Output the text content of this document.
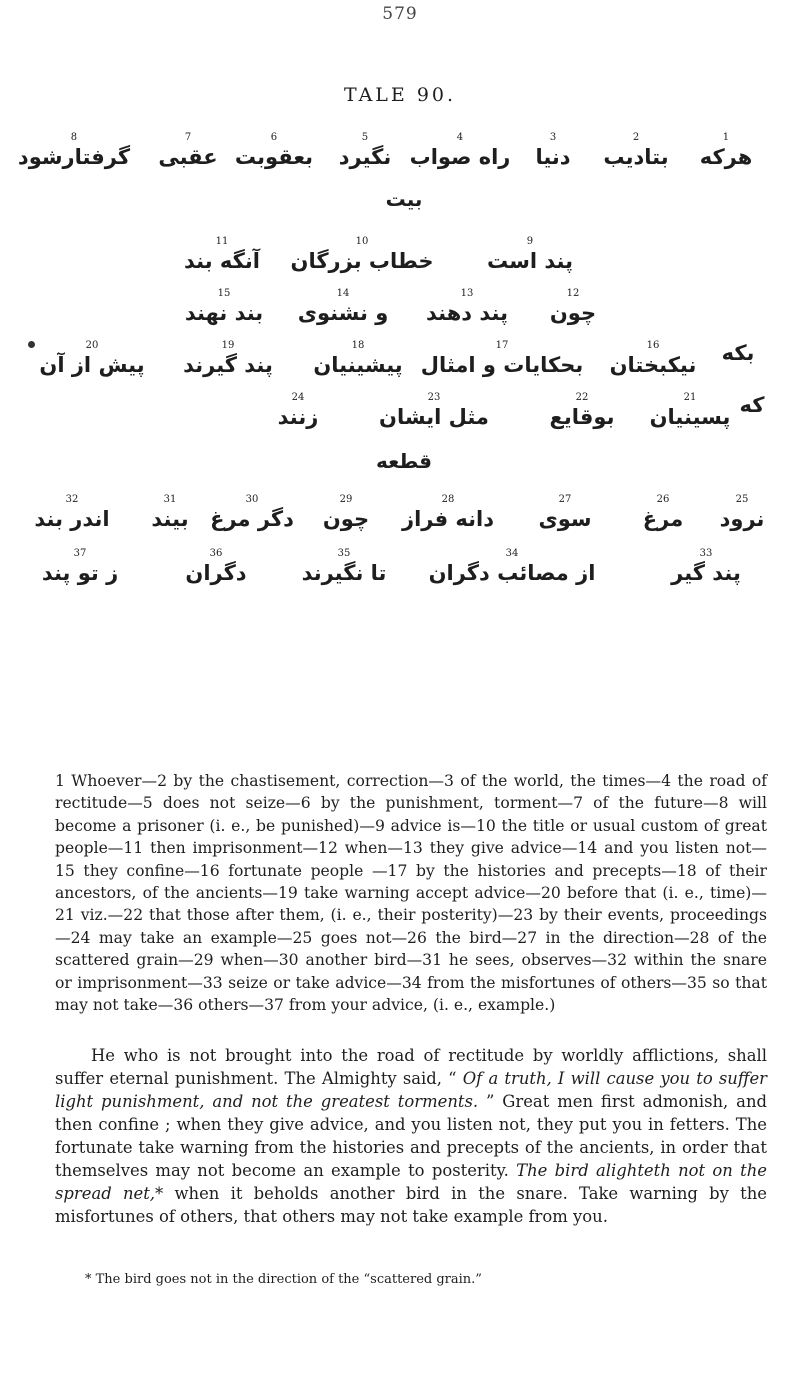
579
TALE 90.
8
گرفتارشود
7
عقبی
6
بعقوبت
5
نگیرد
4
راه صواب
3
دنیا
2
بتادیب
1
هرکه
بیت
11
آنگه بند
10
خطاب بزرگان
9
پند است
15
بند نهند
14
و نشنوی
13
پند دهند
12
چون
20
پیش از آن
19
پند گیرند
18
پیشینیان
17
بحکایات و امثال
16
نیکبختان بکه
24
زنند
23
مثل ایشان
22
بوقایع
21
پسینیان که
قطعه
32
اندر بند
31
بیند
30
دگر مرغ
29
چون
28
دانه فراز
27
سوی
26
مرغ
25
نرود
37
ز تو پند
36
دگران
35
تا نگیرند
34
از مصائب دگران
33
پند گیر

1 Whoever—2 by the chastisement, correction—3 of the world, the times—4 the road of rectitude—5 does not seize—6 by the punishment, torment—7 of the future—8 will become a prisoner (i. e., be punished)—9 advice is—10 the title or usual custom of great people—11 then imprisonment—12 when—13 they give advice—14 and you listen not—15 they confine—16 fortunate people —17 by the histories and precepts—18 of their ancestors, of the ancients—19 take warning accept advice—20 before that (i. e., time)—21 viz.—22 that those after them, (i. e., their posterity)—23 by their events, proceedings—24 may take an example—25 goes not—26 the bird—27 in the direction—28 of the scattered grain—29 when—30 another bird—31 he sees, observes—32 within the snare or imprisonment—33 seize or take advice—34 from the misfortunes of others—35 so that may not take—36 others—37 from your advice, (i. e., example.)

He who is not brought into the road of rectitude by worldly afflictions, shall suffer eternal punishment. The Almighty said, “ Of a truth, I will cause you to suffer light punishment, and not the greatest torments. ” Great men first admonish, and then confine ; when they give advice, and you listen not, they put you in fetters. The fortunate take warning from the histories and precepts of the ancients, in order that themselves may not become an example to posterity. The bird alighteth not on the spread net,* when it beholds another bird in the snare. Take warning by the misfortunes of others, that others may not take example from you.

* The bird goes not in the direction of the “scattered grain.”
